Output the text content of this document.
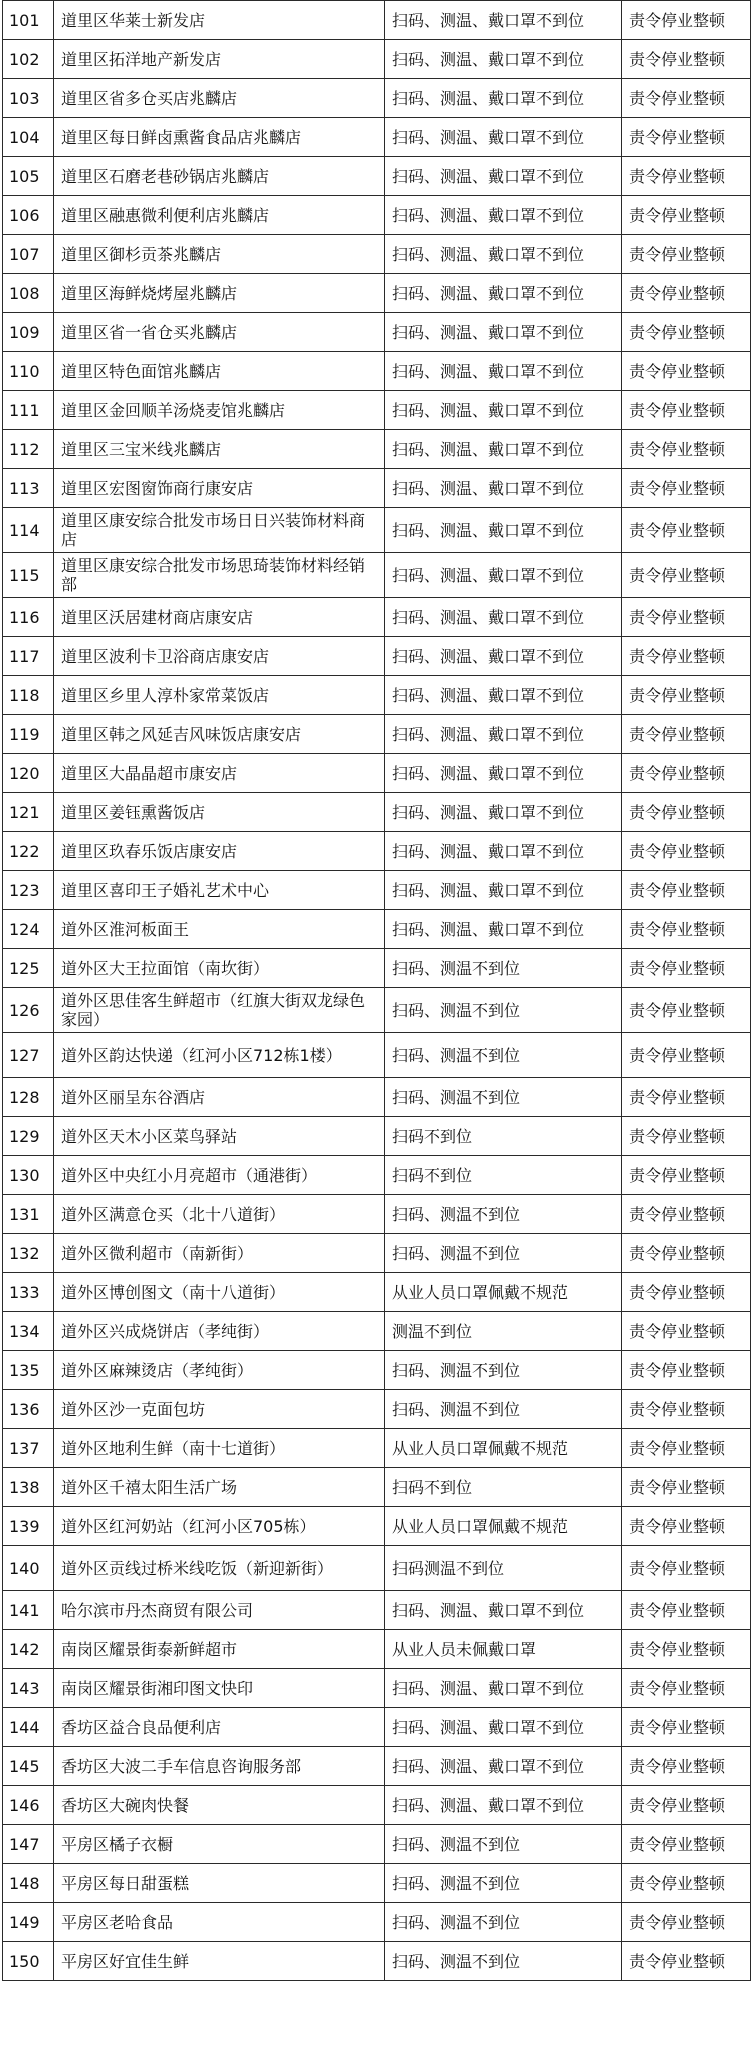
101	道里区华莱士新发店	扫码、测温、戴口罩不到位	责令停业整顿
102	道里区拓洋地产新发店	扫码、测温、戴口罩不到位	责令停业整顿
103	道里区省多仓买店兆麟店	扫码、测温、戴口罩不到位	责令停业整顿
104	道里区每日鲜卤熏酱食品店兆麟店	扫码、测温、戴口罩不到位	责令停业整顿
105	道里区石磨老巷砂锅店兆麟店	扫码、测温、戴口罩不到位	责令停业整顿
106	道里区融惠微利便利店兆麟店	扫码、测温、戴口罩不到位	责令停业整顿
107	道里区御杉贡茶兆麟店	扫码、测温、戴口罩不到位	责令停业整顿
108	道里区海鲜烧烤屋兆麟店	扫码、测温、戴口罩不到位	责令停业整顿
109	道里区省一省仓买兆麟店	扫码、测温、戴口罩不到位	责令停业整顿
110	道里区特色面馆兆麟店	扫码、测温、戴口罩不到位	责令停业整顿
111	道里区金回顺羊汤烧麦馆兆麟店	扫码、测温、戴口罩不到位	责令停业整顿
112	道里区三宝米线兆麟店	扫码、测温、戴口罩不到位	责令停业整顿
113	道里区宏图窗饰商行康安店	扫码、测温、戴口罩不到位	责令停业整顿
114	道里区康安综合批发市场日日兴装饰材料商店	扫码、测温、戴口罩不到位	责令停业整顿
115	道里区康安综合批发市场思琦装饰材料经销部	扫码、测温、戴口罩不到位	责令停业整顿
116	道里区沃居建材商店康安店	扫码、测温、戴口罩不到位	责令停业整顿
117	道里区波利卡卫浴商店康安店	扫码、测温、戴口罩不到位	责令停业整顿
118	道里区乡里人淳朴家常菜饭店	扫码、测温、戴口罩不到位	责令停业整顿
119	道里区韩之风延吉风味饭店康安店	扫码、测温、戴口罩不到位	责令停业整顿
120	道里区大晶晶超市康安店	扫码、测温、戴口罩不到位	责令停业整顿
121	道里区姜钰熏酱饭店	扫码、测温、戴口罩不到位	责令停业整顿
122	道里区玖春乐饭店康安店	扫码、测温、戴口罩不到位	责令停业整顿
123	道里区喜印王子婚礼艺术中心	扫码、测温、戴口罩不到位	责令停业整顿
124	道外区淮河板面王	扫码、测温、戴口罩不到位	责令停业整顿
125	道外区大王拉面馆（南坎街）	扫码、测温不到位	责令停业整顿
126	道外区思佳客生鲜超市（红旗大街双龙绿色家园）	扫码、测温不到位	责令停业整顿
127	道外区韵达快递（红河小区712栋1楼）	扫码、测温不到位	责令停业整顿
128	道外区丽呈东谷酒店	扫码、测温不到位	责令停业整顿
129	道外区天木小区菜鸟驿站	扫码不到位	责令停业整顿
130	道外区中央红小月亮超市（通港街）	扫码不到位	责令停业整顿
131	道外区满意仓买（北十八道街）	扫码、测温不到位	责令停业整顿
132	道外区微利超市（南新街）	扫码、测温不到位	责令停业整顿
133	道外区博创图文（南十八道街）	从业人员口罩佩戴不规范	责令停业整顿
134	道外区兴成烧饼店（孝纯街）	测温不到位	责令停业整顿
135	道外区麻辣烫店（孝纯街）	扫码、测温不到位	责令停业整顿
136	道外区沙一克面包坊	扫码、测温不到位	责令停业整顿
137	道外区地利生鲜（南十七道街）	从业人员口罩佩戴不规范	责令停业整顿
138	道外区千禧太阳生活广场	扫码不到位	责令停业整顿
139	道外区红河奶站（红河小区705栋）	从业人员口罩佩戴不规范	责令停业整顿
140	道外区贡线过桥米线吃饭（新迎新街）	扫码测温不到位	责令停业整顿
141	哈尔滨市丹杰商贸有限公司	扫码、测温、戴口罩不到位	责令停业整顿
142	南岗区耀景街泰新鲜超市	从业人员未佩戴口罩	责令停业整顿
143	南岗区耀景街湘印图文快印	扫码、测温、戴口罩不到位	责令停业整顿
144	香坊区益合良品便利店	扫码、测温、戴口罩不到位	责令停业整顿
145	香坊区大波二手车信息咨询服务部	扫码、测温、戴口罩不到位	责令停业整顿
146	香坊区大碗肉快餐	扫码、测温、戴口罩不到位	责令停业整顿
147	平房区橘子衣橱	扫码、测温不到位	责令停业整顿
148	平房区每日甜蛋糕	扫码、测温不到位	责令停业整顿
149	平房区老哈食品	扫码、测温不到位	责令停业整顿
150	平房区好宜佳生鲜	扫码、测温不到位	责令停业整顿
